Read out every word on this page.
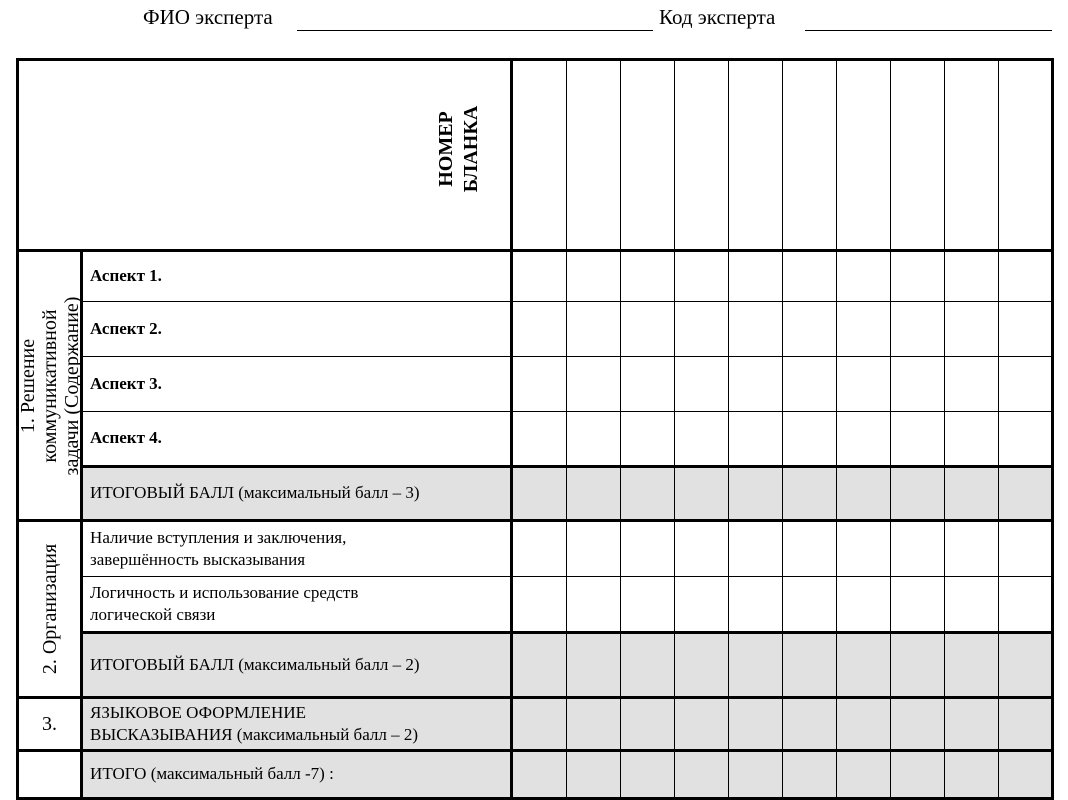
ФИО эксперта	Код эксперта
НОМЕР БЛАНКА											

1. Решение коммуникативной задачи (Содержание)	Аспект 1.										
	Аспект 2.										
	Аспект 3.										
	Аспект 4.										
	ИТОГОВЫЙ БАЛЛ (максимальный балл – 3)										

2. Организация	Наличие вступления и заключения,
завершённость высказывания										

	Логичность и использование средств
логической связи										

	ИТОГОВЫЙ БАЛЛ (максимальный балл – 2)										
3.	ЯЗЫКОВОЕ ОФОРМЛЕНИЕ
ВЫСКАЗЫВАНИЯ (максимальный балл – 2)										

	ИТОГО (максимальный балл -7) :										
